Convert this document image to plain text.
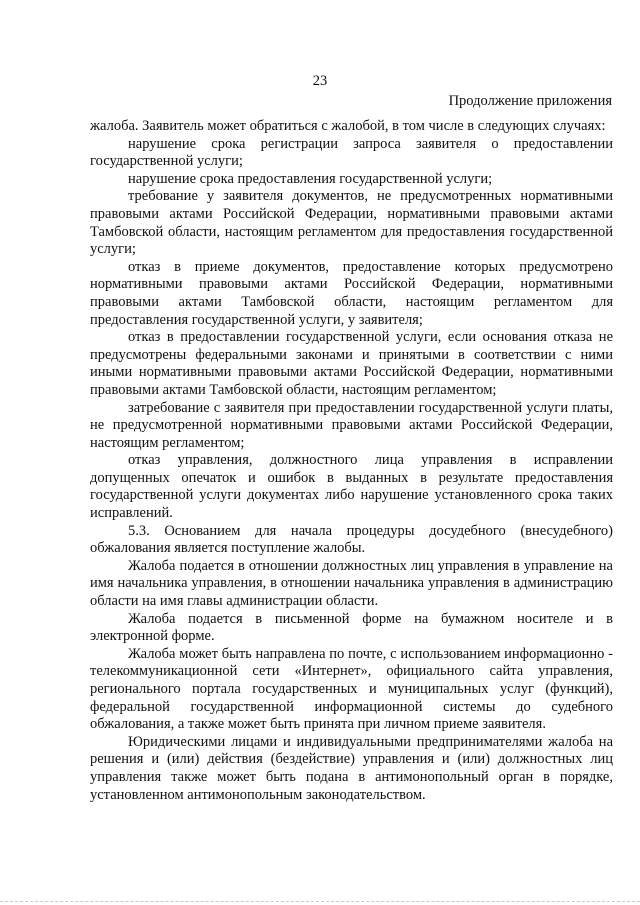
23
Продолжение приложения

жалоба. Заявитель может обратиться с жалобой, в том числе в следующих случаях:

нарушение срока регистрации запроса заявителя о предоставлении государственной услуги;

нарушение срока предоставления государственной услуги;

требование у заявителя документов, не предусмотренных нормативными правовыми актами Российской Федерации, нормативными правовыми актами Тамбовской области, настоящим регламентом для предоставления государственной услуги;

отказ в приеме документов, предоставление которых предусмотрено нормативными правовыми актами Российской Федерации, нормативными правовыми актами Тамбовской области, настоящим регламентом для предоставления государственной услуги, у заявителя;

отказ в предоставлении государственной услуги, если основания отказа не предусмотрены федеральными законами и принятыми в соответствии с ними иными нормативными правовыми актами Российской Федерации, нормативными правовыми актами Тамбовской области, настоящим регламентом;

затребование с заявителя при предоставлении государственной услуги платы, не предусмотренной нормативными правовыми актами Российской Федерации, настоящим регламентом;

отказ управления, должностного лица управления в исправлении допущенных опечаток и ошибок в выданных в результате предоставления государственной услуги документах либо нарушение установленного срока таких исправлений.

5.3. Основанием для начала процедуры досудебного (внесудебного) обжалования является поступление жалобы.

Жалоба подается в отношении должностных лиц управления в управление на имя начальника управления, в отношении начальника управления в администрацию области на имя главы администрации области.

Жалоба подается в письменной форме на бумажном носителе и в электронной форме.

Жалоба может быть направлена по почте, с использованием информационно - телекоммуникационной сети «Интернет», официального сайта управления, регионального портала государственных и муниципальных услуг (функций), федеральной государственной информационной системы до судебного обжалования, а также может быть принята при личном приеме заявителя.

Юридическими лицами и индивидуальными предпринимателями жалоба на решения и (или) действия (бездействие) управления и (или) должностных лиц управления также может быть подана в антимонопольный орган в порядке, установленном антимонопольным законодательством.
